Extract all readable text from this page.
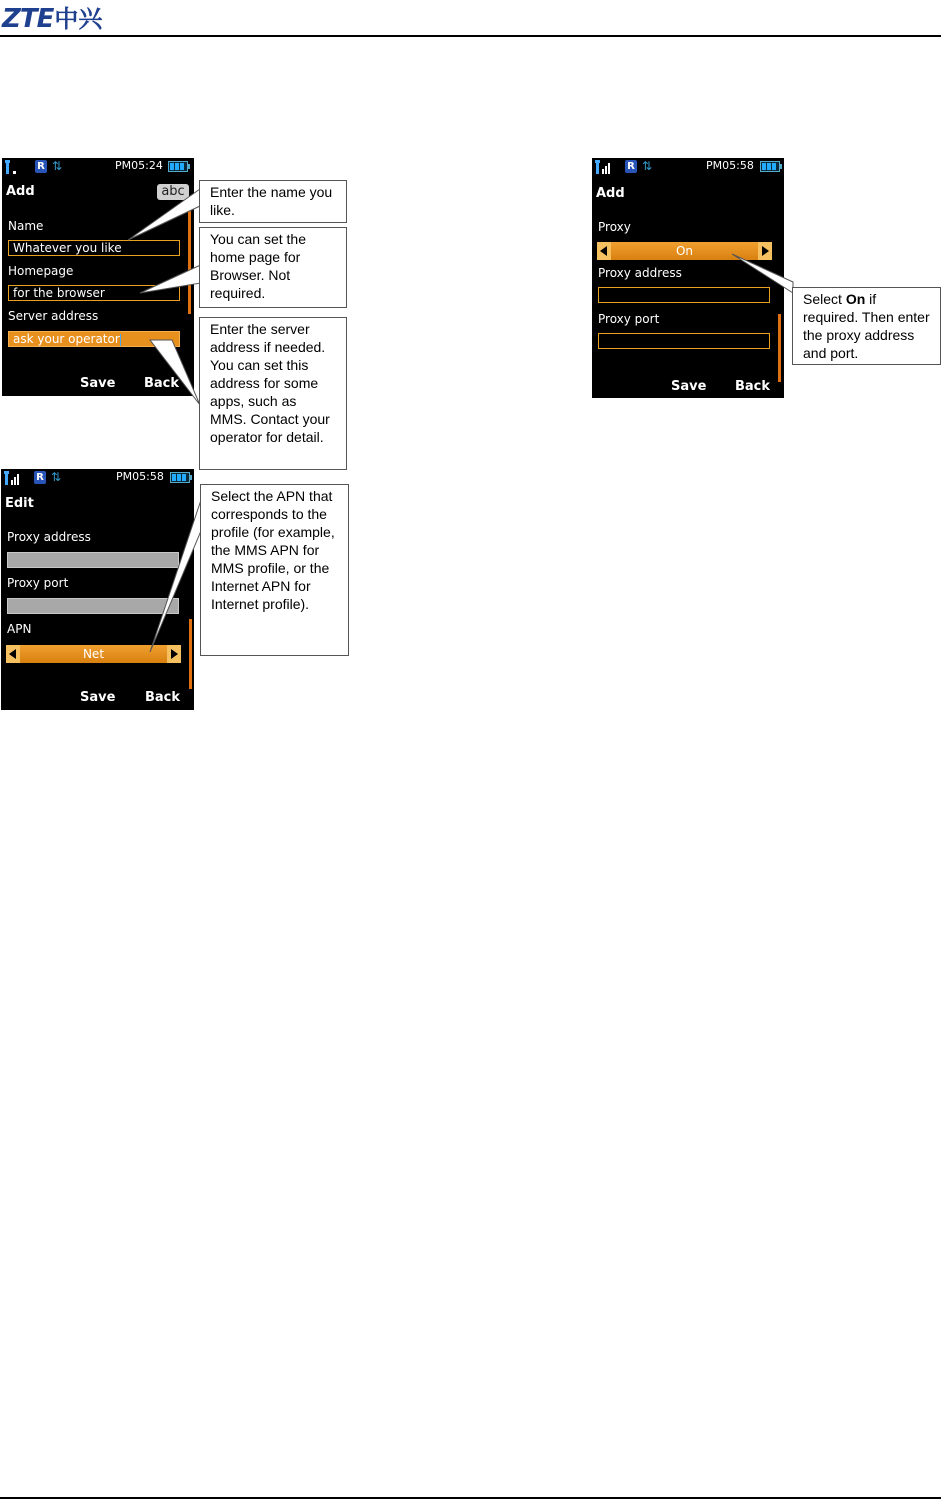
ZTE中兴
R ⇅	PM05:24
Add	abc
Name
Whatever you like
Homepage
for the browser
Server address
ask your operator
Save Back
R ⇅	PM05:58
Edit
Proxy address
Proxy port
APN
Net
Save Back
R ⇅	PM05:58
Add
Proxy
On
Proxy address
Proxy port
Save Back
Enter the name you like.
You can set the home page for Browser. Not required.
Enter the server address if needed. You can set this address for some apps, such as MMS. Contact your operator for detail.
Select the APN that corresponds to the profile (for example, the MMS APN for MMS profile, or the Internet APN for Internet profile).
Select On if required. Then enter the proxy address and port.
